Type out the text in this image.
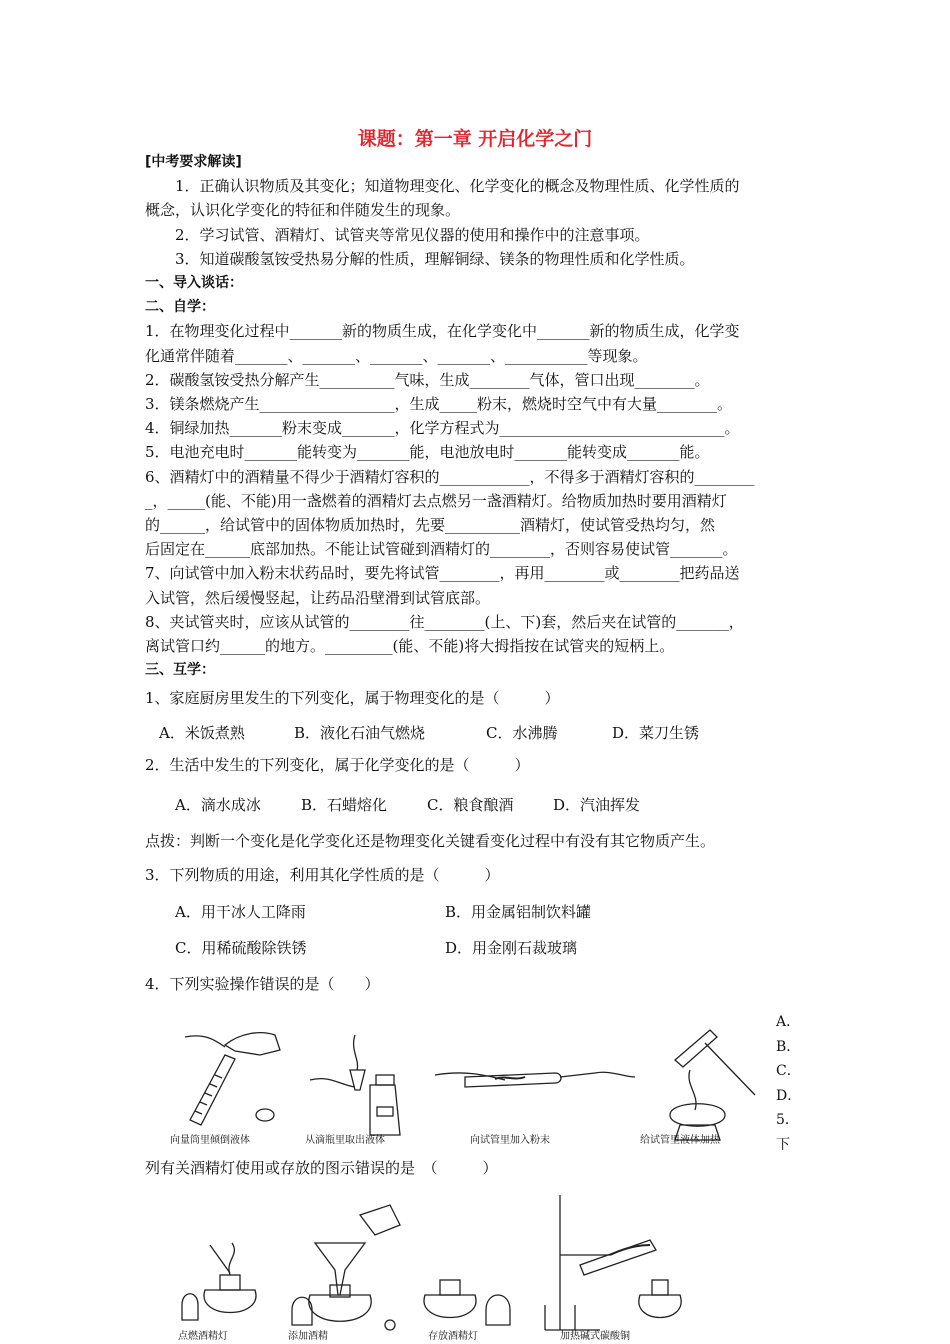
课题：第一章 开启化学之门

[中考要求解读]

1．正确认识物质及其变化；知道物理变化、化学变化的概念及物理性质、化学性质的

概念，认识化学变化的特征和伴随发生的现象。

2．学习试管、酒精灯、试管夹等常见仪器的使用和操作中的注意事项。

3．知道碳酸氢铵受热易分解的性质，理解铜绿、镁条的物理性质和化学性质。

一、导入谈话：

二、自学：

1．在物理变化过程中_______新的物质生成，在化学变化中_______新的物质生成，化学变

化通常伴随着_______、_______、_______、_______、___________等现象。

2．碳酸氢铵受热分解产生__________气味，生成________气体，管口出现________。

3．镁条燃烧产生__________________，生成_____粉末，燃烧时空气中有大量________。

4．铜绿加热_______粉末变成_______，化学方程式为______________________________。

5．电池充电时_______能转变为_______能，电池放电时_______能转变成_______能。

6、酒精灯中的酒精量不得少于酒精灯容积的____________，不得多于酒精灯容积的________

_，_____(能、不能)用一盏燃着的酒精灯去点燃另一盏酒精灯。给物质加热时要用酒精灯

的______，给试管中的固体物质加热时，先要__________酒精灯，使试管受热均匀，然

后固定在______底部加热。不能让试管碰到酒精灯的________，否则容易使试管_______。

7、向试管中加入粉末状药品时，要先将试管________，再用________或________把药品送

入试管，然后缓慢竖起，让药品沿壁滑到试管底部。

8、夹试管夹时，应该从试管的________往________(上、下)套，然后夹在试管的_______，

离试管口约______的地方。_________(能、不能)将大拇指按在试管夹的短柄上。

三、互学：

1、家庭厨房里发生的下列变化，属于物理变化的是（　　　）

A．米饭煮熟	B．液化石油气燃烧	C．水沸腾	D．菜刀生锈

2．生活中发生的下列变化，属于化学变化的是（　　　）

A．滴水成冰	B．石蜡熔化	C．粮食酿酒	D．汽油挥发

点拨：判断一个变化是化学变化还是物理变化关键看变化过程中有没有其它物质产生。

3．下列物质的用途，利用其化学性质的是（　　　）

A．用干冰人工降雨	B．用金属铝制饮料罐
C．用稀硫酸除铁锈	D．用金刚石裁玻璃

4．下列实验操作错误的是（　　）

向量筒里倾倒液体	从滴瓶里取出液体	向试管里加入粉末	给试管里液体加热
A．
B．
C．
D．
5．
下

列有关酒精灯使用或存放的图示错误的是　（　　　）

点燃酒精灯	添加酒精	存放酒精灯	加热碱式碳酸铜
